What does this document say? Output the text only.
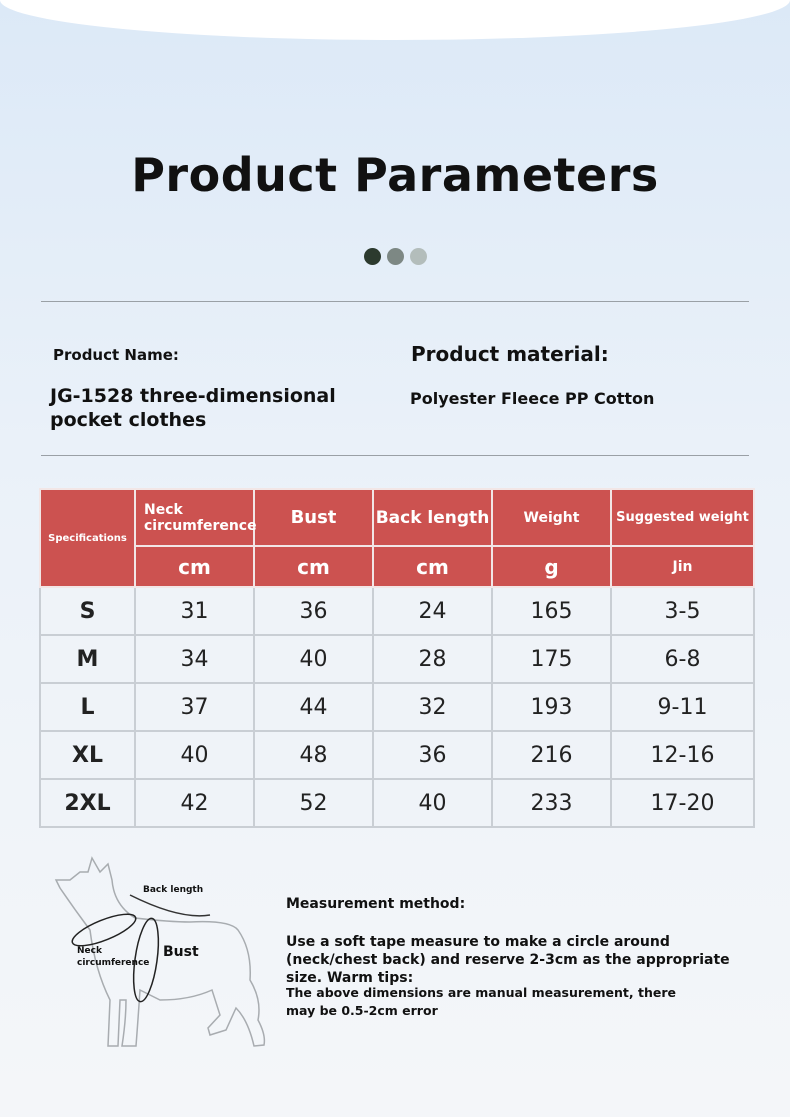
Product Parameters
Product Name:
JG-1528 three-dimensional
pocket clothes
Product material:
Polyester Fleece PP Cotton
Specifications	Neck circumference	Bust	Back length	Weight	Suggested weight
	cm	cm	cm	g	Jin
S	31	36	24	165	3-5
M	34	40	28	175	6-8
L	37	44	32	193	9-11
XL	40	48	36	216	12-16
2XL	42	52	40	233	17-20
Back length
Neck
circumference
Bust
Measurement method:
Use a soft tape measure to make a circle around (neck/chest back) and reserve 2-3cm as the appropriate size. Warm tips:
The above dimensions are manual measurement, there may be 0.5-2cm error
